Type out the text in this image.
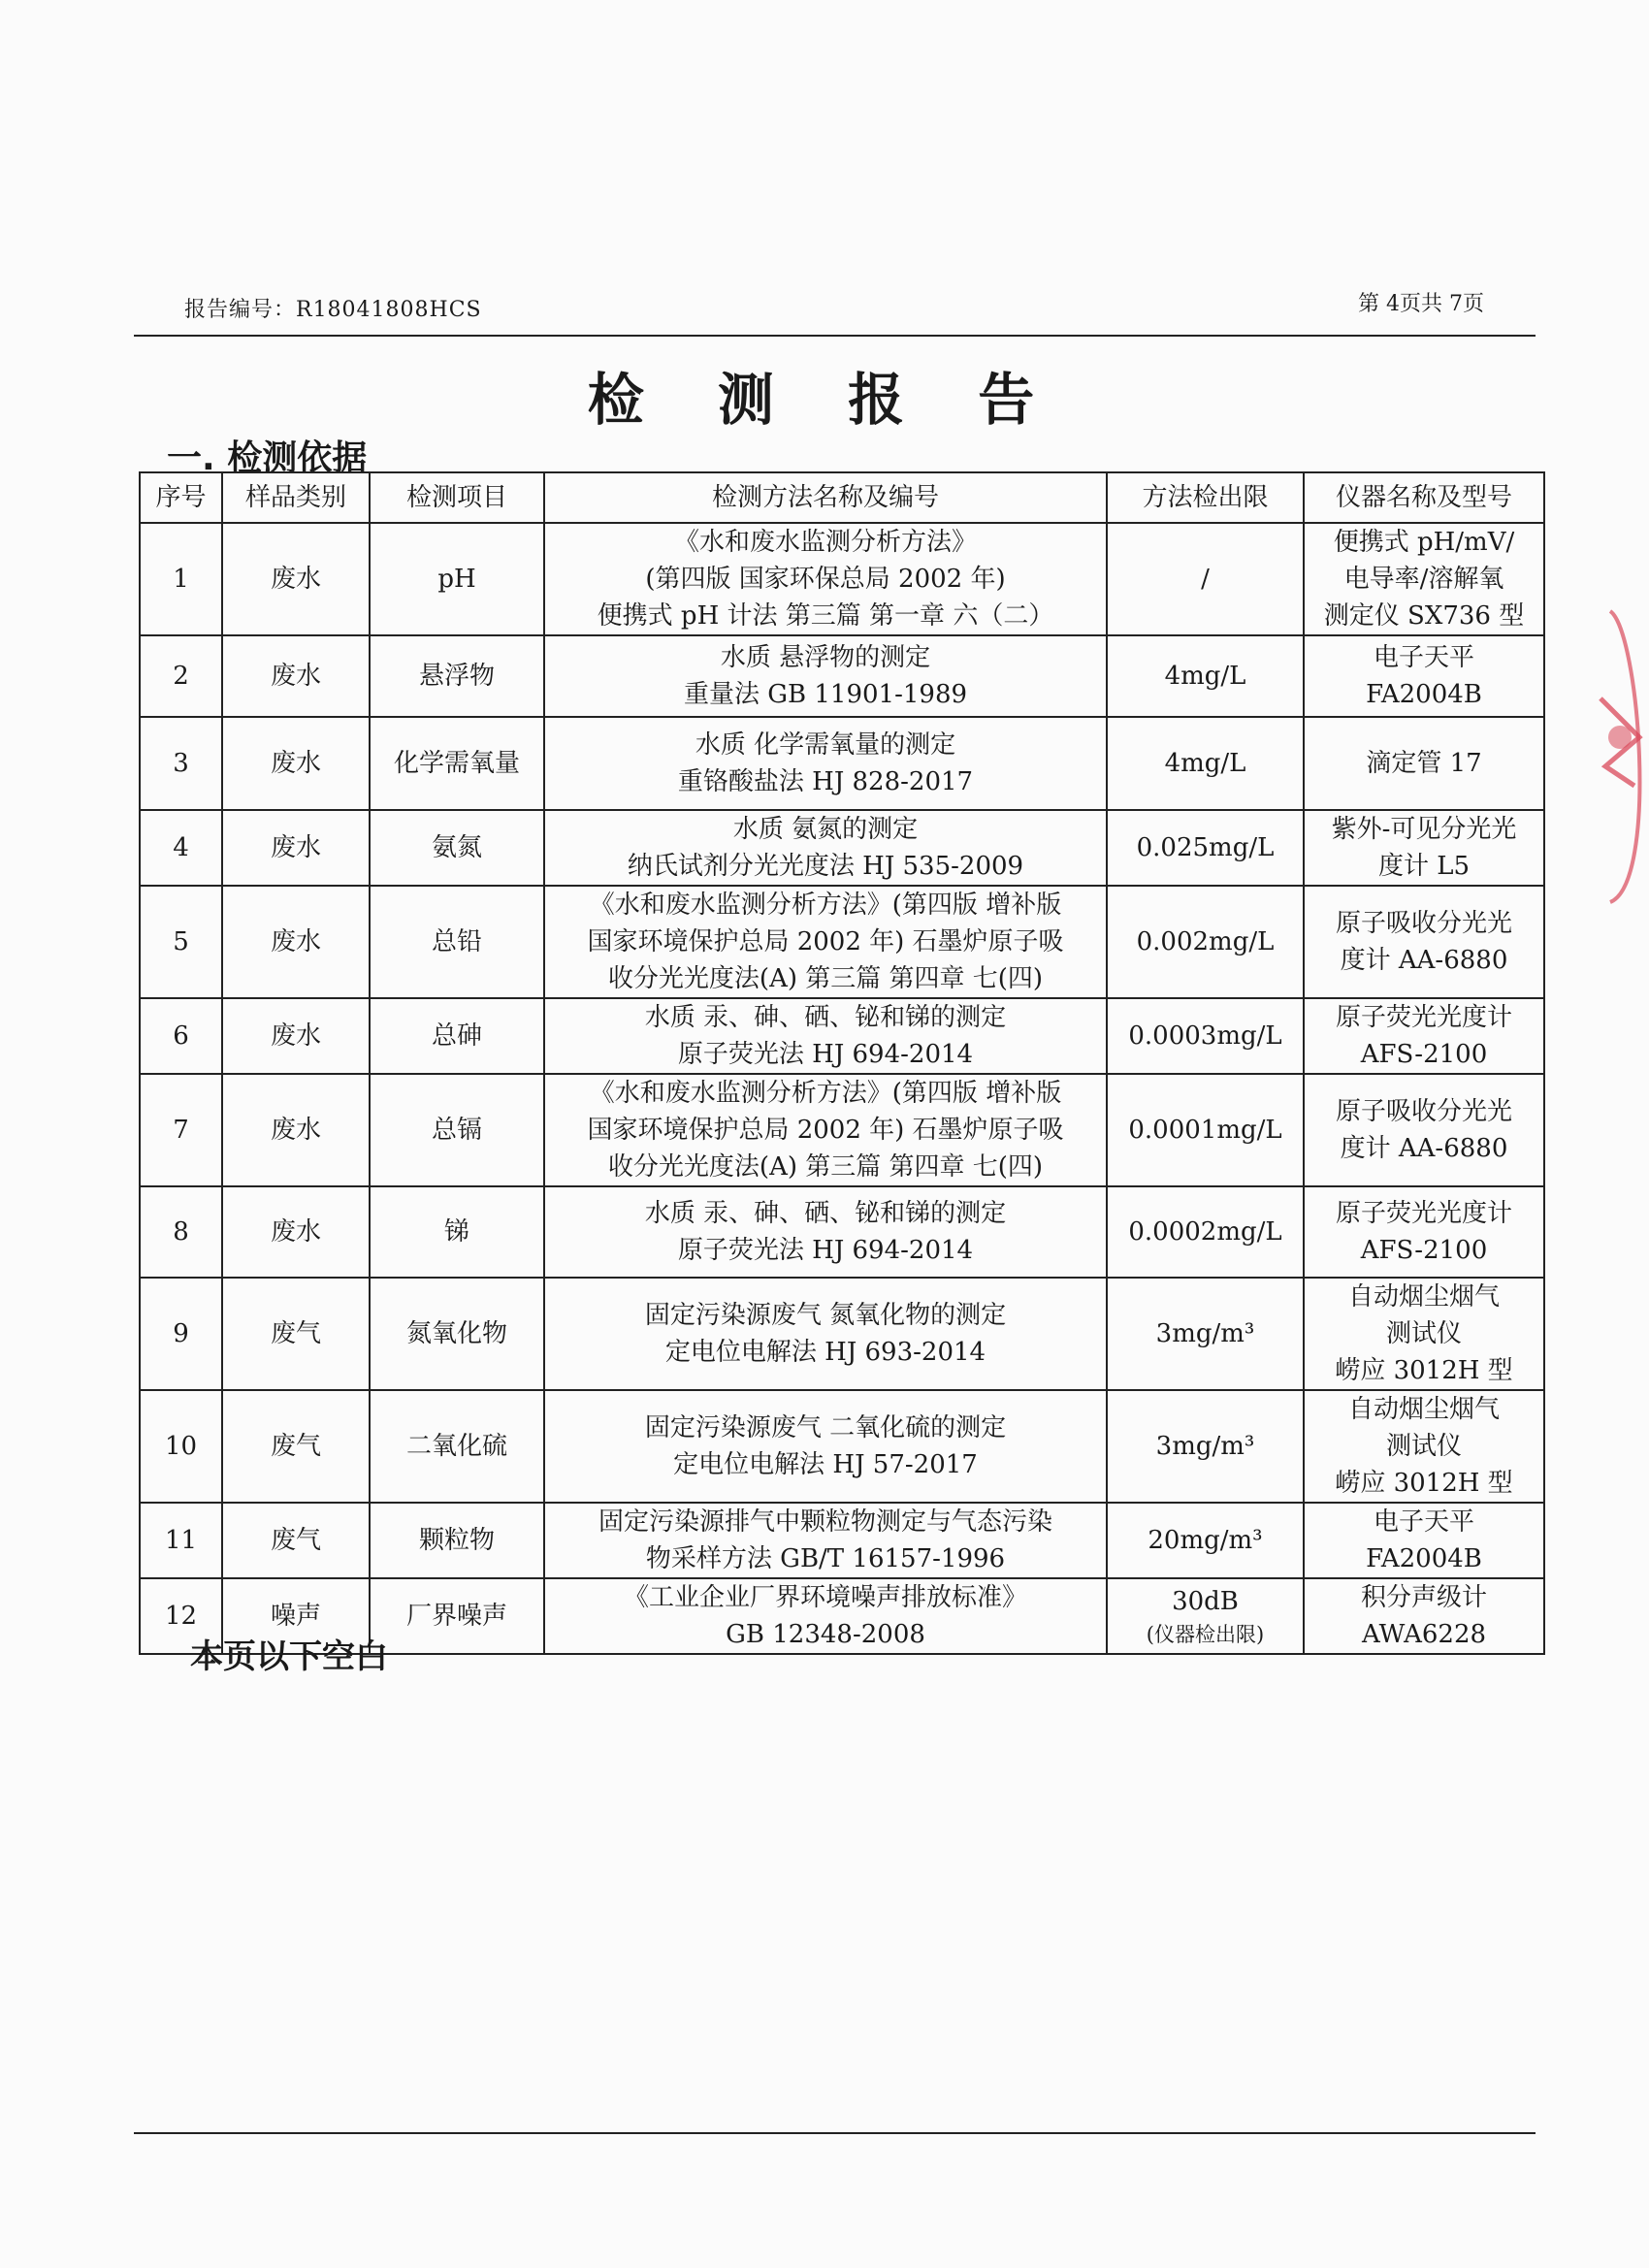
报告编号：R18041808HCS	第 4页共 7页
检 测 报 告
一. 检测依据
序号	样品类别	检测项目	检测方法名称及编号	方法检出限	仪器名称及型号
1	废水	pH	《水和废水监测分析方法》
(第四版 国家环保总局 2002 年)
便携式 pH 计法 第三篇 第一章 六（二）	/	便携式 pH/mV/
电导率/溶解氧
测定仪 SX736 型

2	废水	悬浮物	水质 悬浮物的测定
重量法 GB 11901-1989	4mg/L	电子天平
FA2004B

3	废水	化学需氧量	水质 化学需氧量的测定
重铬酸盐法 HJ 828-2017	4mg/L	滴定管 17

4	废水	氨氮	水质 氨氮的测定
纳氏试剂分光光度法 HJ 535-2009	0.025mg/L	紫外-可见分光光
度计 L5

5	废水	总铅	《水和废水监测分析方法》(第四版 增补版
国家环境保护总局 2002 年) 石墨炉原子吸
收分光光度法(A) 第三篇 第四章 七(四)	0.002mg/L	原子吸收分光光
度计 AA-6880

6	废水	总砷	水质 汞、砷、硒、铋和锑的测定
原子荧光法 HJ 694-2014	0.0003mg/L	原子荧光光度计
AFS-2100

7	废水	总镉	《水和废水监测分析方法》(第四版 增补版
国家环境保护总局 2002 年) 石墨炉原子吸
收分光光度法(A) 第三篇 第四章 七(四)	0.0001mg/L	原子吸收分光光
度计 AA-6880

8	废水	锑	水质 汞、砷、硒、铋和锑的测定
原子荧光法 HJ 694-2014	0.0002mg/L	原子荧光光度计
AFS-2100

9	废气	氮氧化物	固定污染源废气 氮氧化物的测定
定电位电解法 HJ 693-2014	3mg/m³	自动烟尘烟气
测试仪
崂应 3012H 型

10	废气	二氧化硫	固定污染源废气 二氧化硫的测定
定电位电解法 HJ 57-2017	3mg/m³	自动烟尘烟气
测试仪
崂应 3012H 型

11	废气	颗粒物	固定污染源排气中颗粒物测定与气态污染
物采样方法 GB/T 16157-1996	20mg/m³	电子天平
FA2004B

12	噪声	厂界噪声	《工业企业厂界环境噪声排放标准》
GB 12348-2008	30dB
(仪器检出限)	积分声级计
AWA6228
本页以下空白
